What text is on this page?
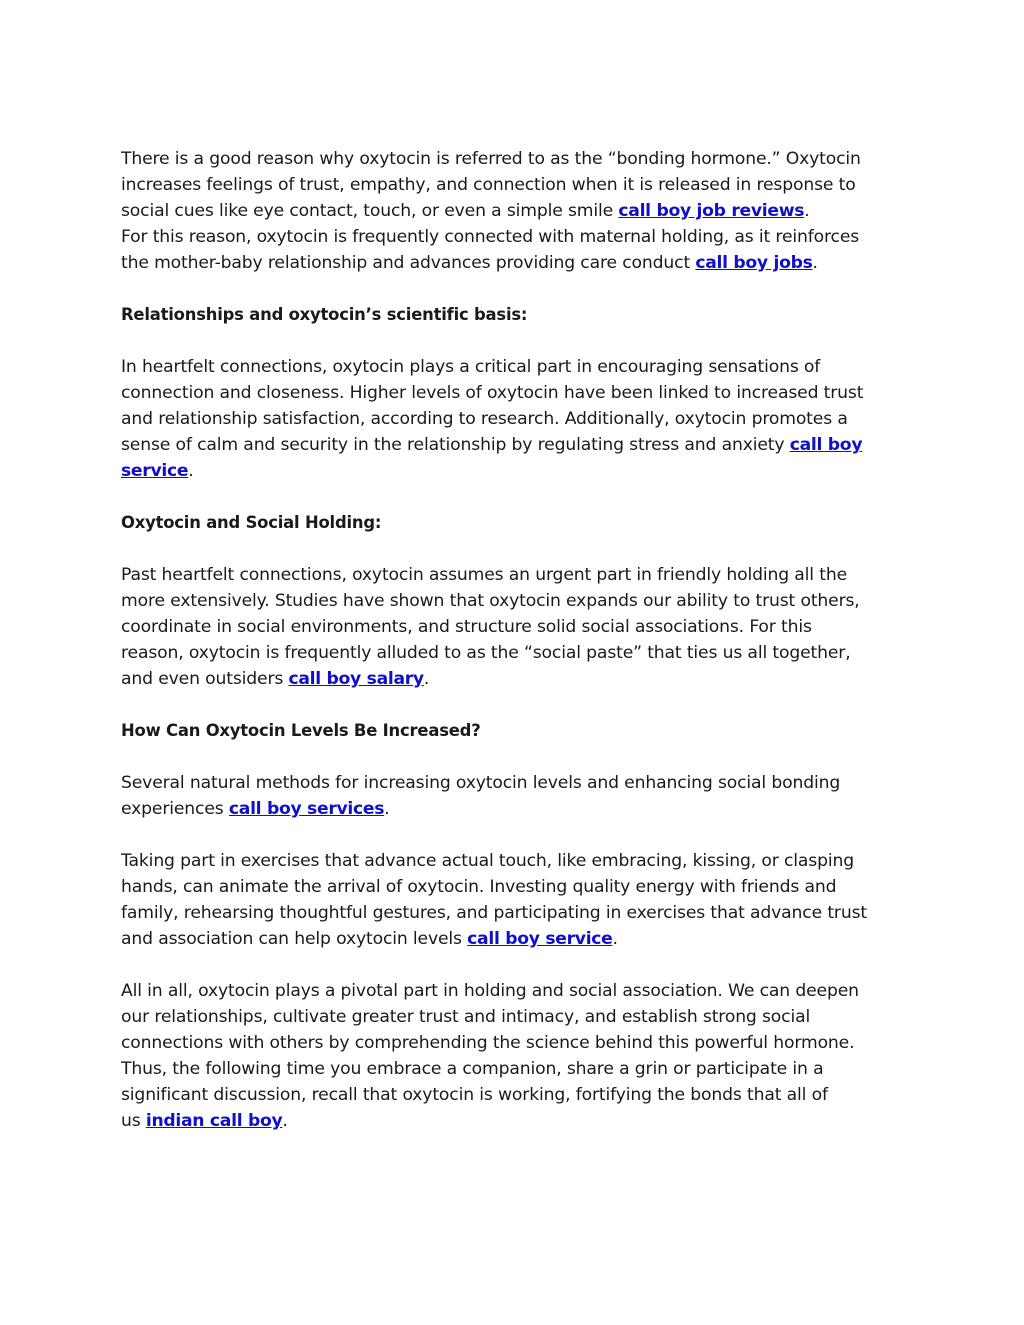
There is a good reason why oxytocin is referred to as the “bonding hormone.” Oxytocin
increases feelings of trust, empathy, and connection when it is released in response to
social cues like eye contact, touch, or even a simple smile call boy job reviews.
For this reason, oxytocin is frequently connected with maternal holding, as it reinforces
the mother-baby relationship and advances providing care conduct call boy jobs.
Relationships and oxytocin’s scientific basis:
In heartfelt connections, oxytocin plays a critical part in encouraging sensations of
connection and closeness. Higher levels of oxytocin have been linked to increased trust
and relationship satisfaction, according to research. Additionally, oxytocin promotes a
sense of calm and security in the relationship by regulating stress and anxiety call boy
service.
Oxytocin and Social Holding:
Past heartfelt connections, oxytocin assumes an urgent part in friendly holding all the
more extensively. Studies have shown that oxytocin expands our ability to trust others,
coordinate in social environments, and structure solid social associations. For this
reason, oxytocin is frequently alluded to as the “social paste” that ties us all together,
and even outsiders call boy salary.
How Can Oxytocin Levels Be Increased?
Several natural methods for increasing oxytocin levels and enhancing social bonding
experiences call boy services.
Taking part in exercises that advance actual touch, like embracing, kissing, or clasping
hands, can animate the arrival of oxytocin. Investing quality energy with friends and
family, rehearsing thoughtful gestures, and participating in exercises that advance trust
and association can help oxytocin levels call boy service.
All in all, oxytocin plays a pivotal part in holding and social association. We can deepen
our relationships, cultivate greater trust and intimacy, and establish strong social
connections with others by comprehending the science behind this powerful hormone.
Thus, the following time you embrace a companion, share a grin or participate in a
significant discussion, recall that oxytocin is working, fortifying the bonds that all of
us indian call boy.
